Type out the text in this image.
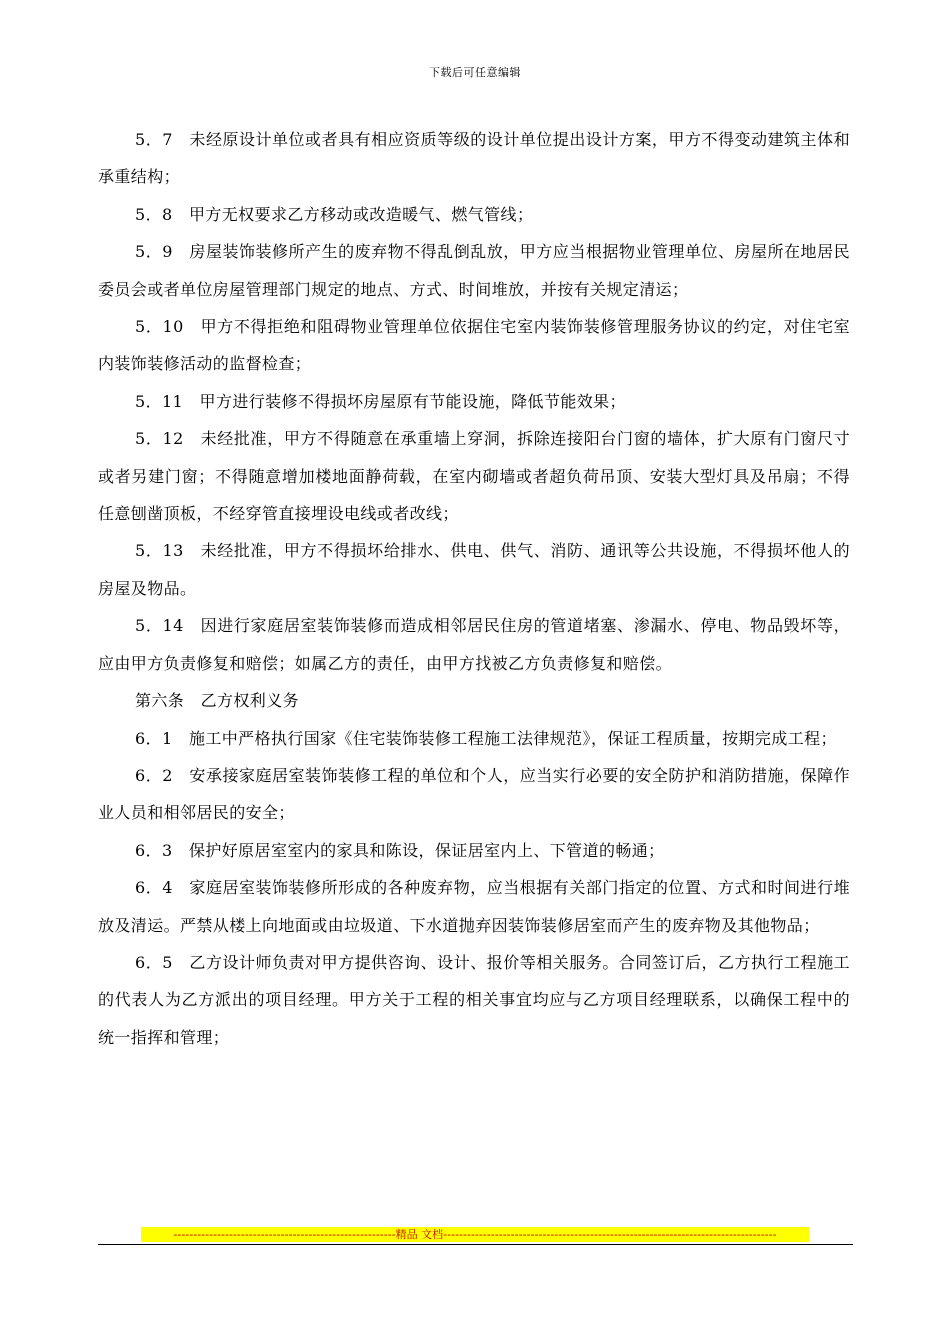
下载后可任意编辑

5．7　未经原设计单位或者具有相应资质等级的设计单位提出设计方案，甲方不得变动建筑主体和承重结构；

5．8　甲方无权要求乙方移动或改造暖气、燃气管线；

5．9　房屋装饰装修所产生的废弃物不得乱倒乱放，甲方应当根据物业管理单位、房屋所在地居民委员会或者单位房屋管理部门规定的地点、方式、时间堆放，并按有关规定清运；

5．10　甲方不得拒绝和阻碍物业管理单位依据住宅室内装饰装修管理服务协议的约定，对住宅室内装饰装修活动的监督检查；

5．11　甲方进行装修不得损坏房屋原有节能设施，降低节能效果；

5．12　未经批准，甲方不得随意在承重墙上穿洞，拆除连接阳台门窗的墙体，扩大原有门窗尺寸或者另建门窗；不得随意增加楼地面静荷载，在室内砌墙或者超负荷吊顶、安装大型灯具及吊扇；不得任意刨凿顶板，不经穿管直接埋设电线或者改线；

5．13　未经批准，甲方不得损坏给排水、供电、供气、消防、通讯等公共设施，不得损坏他人的房屋及物品。

5．14　因进行家庭居室装饰装修而造成相邻居民住房的管道堵塞、渗漏水、停电、物品毁坏等，应由甲方负责修复和赔偿；如属乙方的责任，由甲方找被乙方负责修复和赔偿。

第六条　乙方权利义务

6．1　施工中严格执行国家《住宅装饰装修工程施工法律规范》，保证工程质量，按期完成工程；

6．2　安承接家庭居室装饰装修工程的单位和个人，应当实行必要的安全防护和消防措施，保障作业人员和相邻居民的安全；

6．3　保护好原居室室内的家具和陈设，保证居室内上、下管道的畅通；

6．4　家庭居室装饰装修所形成的各种废弃物，应当根据有关部门指定的位置、方式和时间进行堆放及清运。严禁从楼上向地面或由垃圾道、下水道抛弃因装饰装修居室而产生的废弃物及其他物品；

6．5　乙方设计师负责对甲方提供咨询、设计、报价等相关服务。合同签订后，乙方执行工程施工的代表人为乙方派出的项目经理。甲方关于工程的相关事宜均应与乙方项目经理联系，以确保工程中的统一指挥和管理；

--------------------------------------------------------精品 文档------------------------------------------------------------------------------------
